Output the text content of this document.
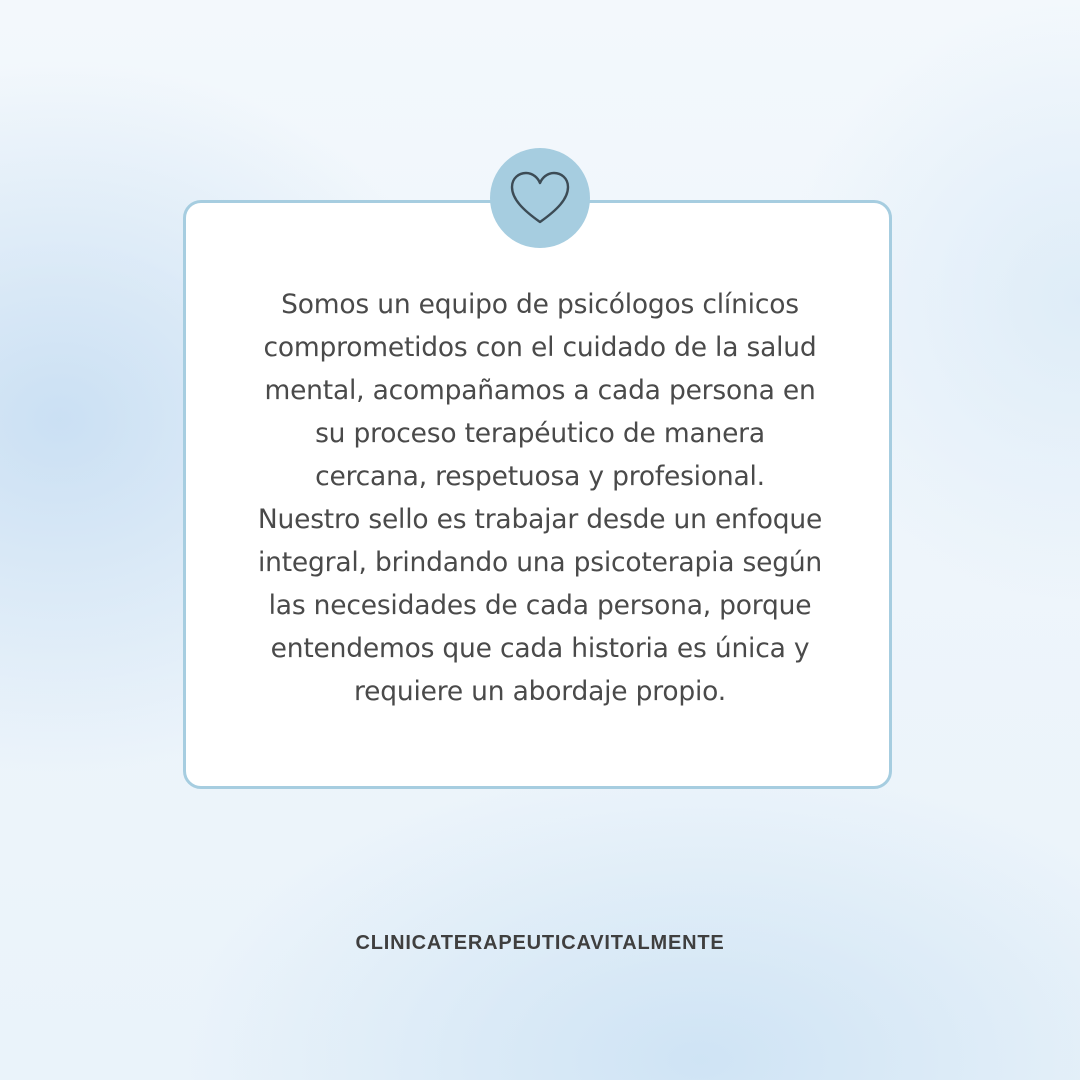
Somos un equipo de psicólogos clínicos
comprometidos con el cuidado de la salud
mental, acompañamos a cada persona en
su proceso terapéutico de manera
cercana, respetuosa y profesional.
Nuestro sello es trabajar desde un enfoque
integral, brindando una psicoterapia según
las necesidades de cada persona, porque
entendemos que cada historia es única y
requiere un abordaje propio.

CLINICATERAPEUTICAVITALMENTE
